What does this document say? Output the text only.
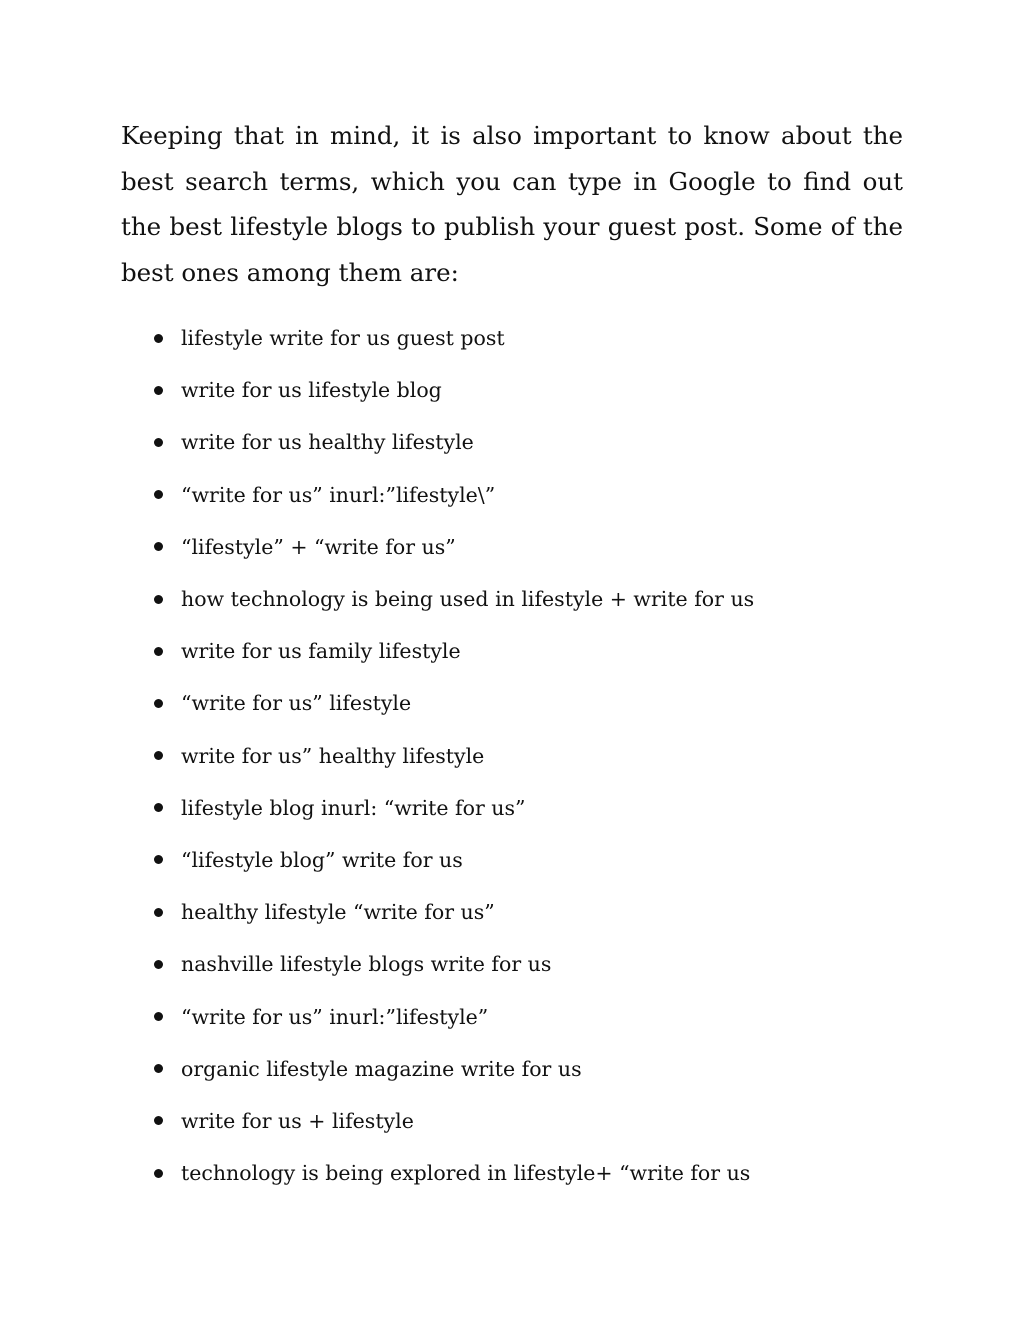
Keeping that in mind, it is also important to know about the best search terms, which you can type in Google to find out the best lifestyle blogs to publish your guest post. Some of the best ones among them are:

lifestyle write for us guest post
write for us lifestyle blog
write for us healthy lifestyle
“write for us” inurl:”lifestyle\”
“lifestyle” + “write for us”
how technology is being used in lifestyle + write for us
write for us family lifestyle
“write for us” lifestyle
write for us” healthy lifestyle
lifestyle blog inurl: “write for us”
“lifestyle blog” write for us
healthy lifestyle “write for us”
nashville lifestyle blogs write for us
“write for us” inurl:”lifestyle”
organic lifestyle magazine write for us
write for us + lifestyle
technology is being explored in lifestyle+ “write for us
